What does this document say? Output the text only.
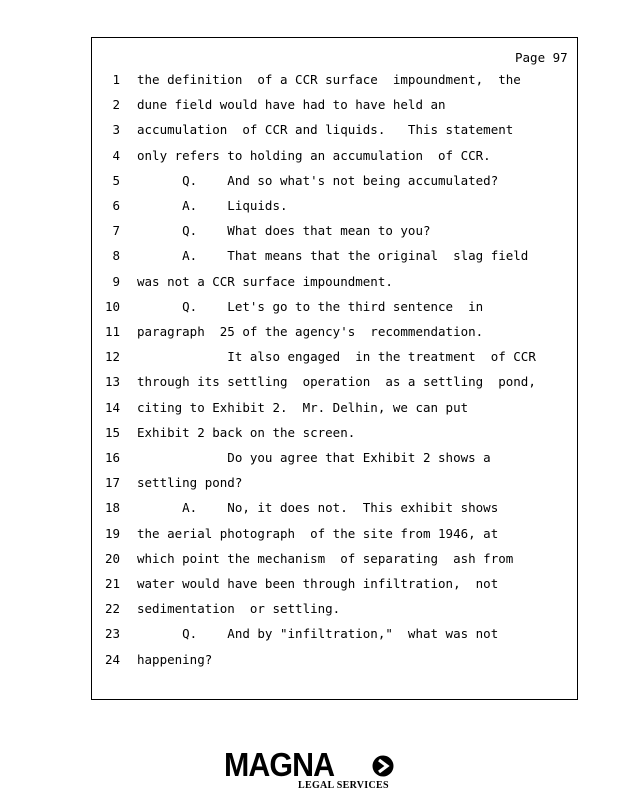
Page 97
1 the definition  of a CCR surface  impoundment,  the
2 dune field would have had to have held an
3 accumulation  of CCR and liquids.   This statement
4 only refers to holding an accumulation  of CCR.
5 Q.    And so what's not being accumulated?
6 A.    Liquids.
7 Q.    What does that mean to you?
8 A.    That means that the original  slag field
9 was not a CCR surface impoundment.
10 Q.    Let's go to the third sentence  in
11 paragraph  25 of the agency's  recommendation.
12 It also engaged  in the treatment  of CCR
13 through its settling  operation  as a settling  pond,
14 citing to Exhibit 2.  Mr. Delhin, we can put
15 Exhibit 2 back on the screen.
16 Do you agree that Exhibit 2 shows a
17 settling pond?
18 A.    No, it does not.  This exhibit shows
19 the aerial photograph  of the site from 1946, at
20 which point the mechanism  of separating  ash from
21 water would have been through infiltration,  not
22 sedimentation  or settling.
23 Q.    And by "infiltration,"  what was not
24 happening?
MAGNA
LEGAL SERVICES
